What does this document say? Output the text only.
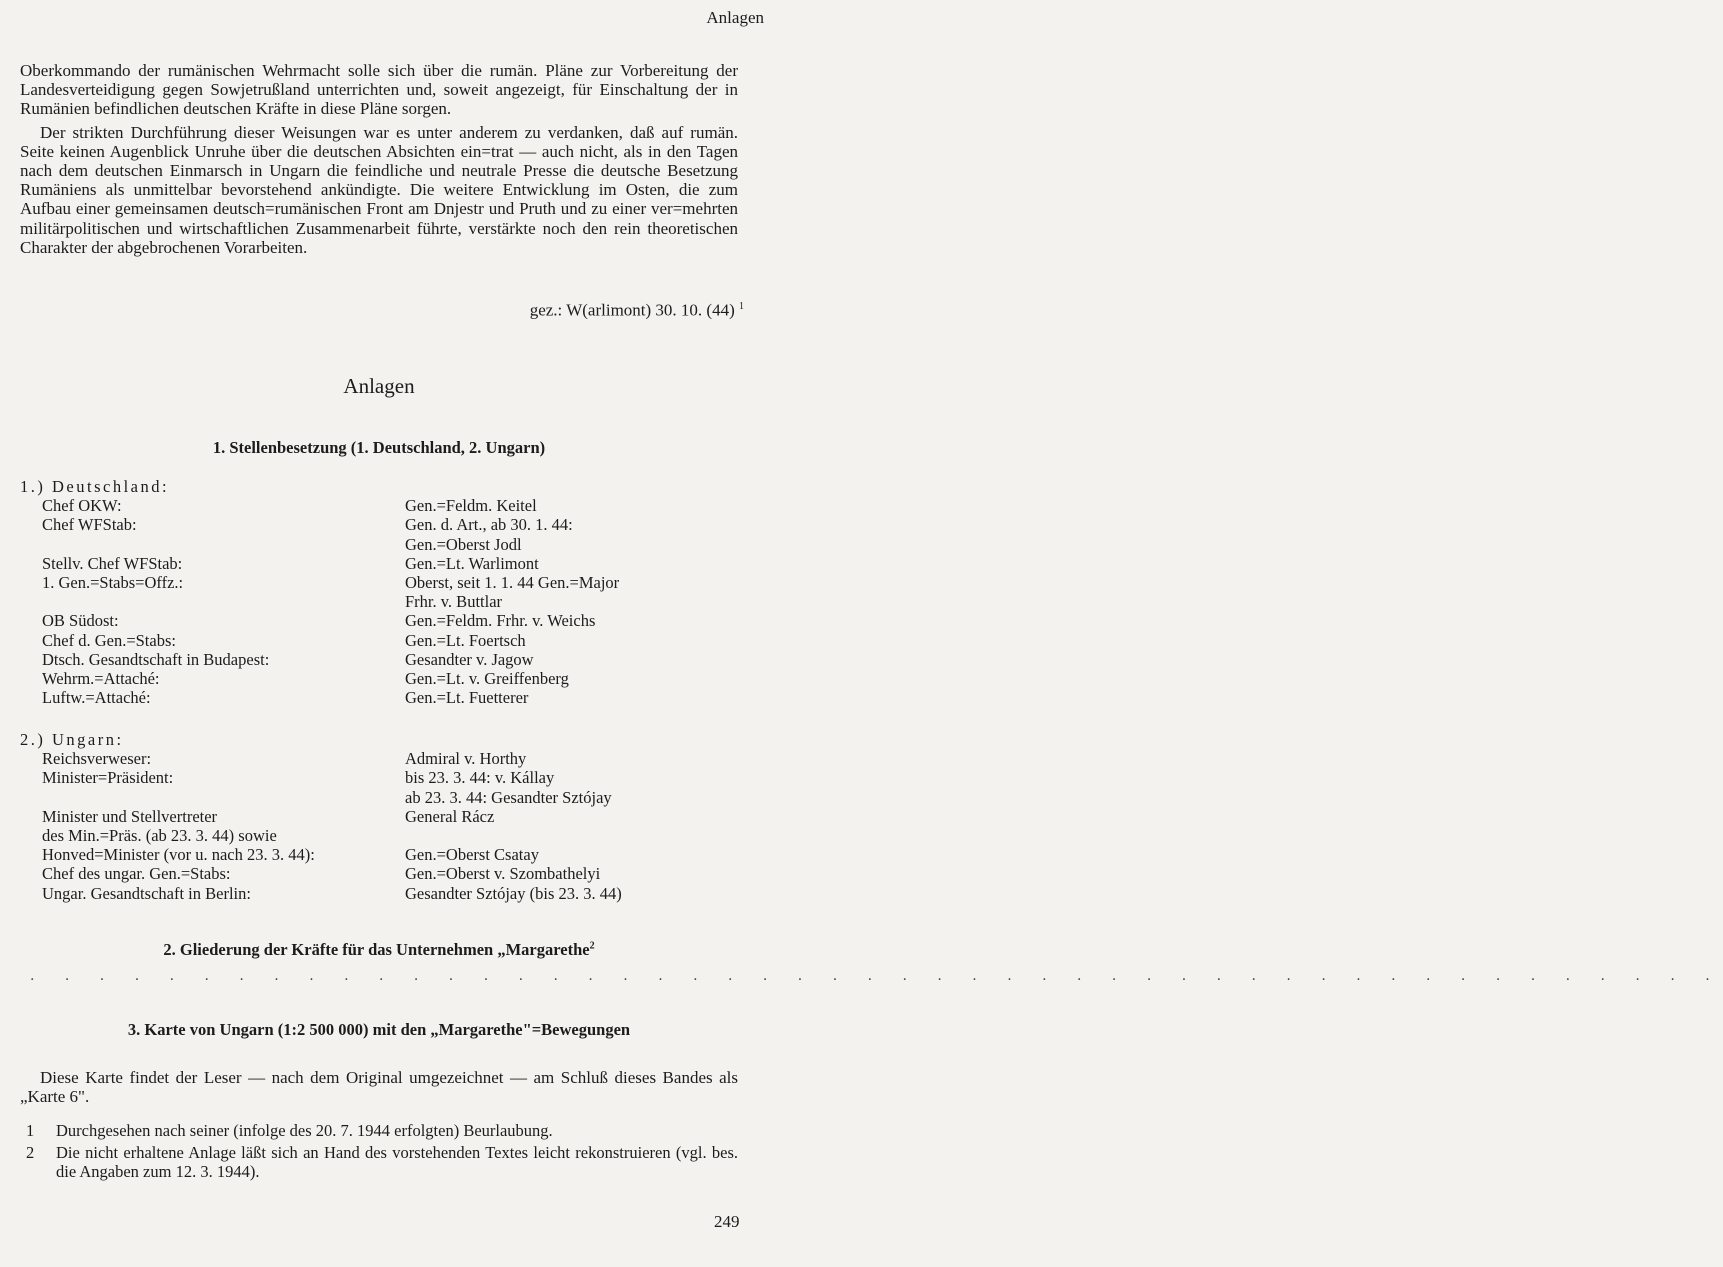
Anlagen

Oberkommando der rumänischen Wehrmacht solle sich über die rumän. Pläne zur Vorbereitung der Landesverteidigung gegen Sowjetrußland unterrichten und, soweit angezeigt, für Einschaltung der in Rumänien befindlichen deutschen Kräfte in diese Pläne sorgen.

Der strikten Durchführung dieser Weisungen war es unter anderem zu verdanken, daß auf rumän. Seite keinen Augenblick Unruhe über die deutschen Absichten ein=trat — auch nicht, als in den Tagen nach dem deutschen Einmarsch in Ungarn die feindliche und neutrale Presse die deutsche Besetzung Rumäniens als unmittelbar bevorstehend ankündigte. Die weitere Entwicklung im Osten, die zum Aufbau einer gemeinsamen deutsch=rumänischen Front am Dnjestr und Pruth und zu einer ver=mehrten militärpolitischen und wirtschaftlichen Zusammenarbeit führte, verstärkte noch den rein theoretischen Charakter der abgebrochenen Vorarbeiten.

gez.: W(arlimont) 30. 10. (44) $^1$
Anlagen
1. Stellenbesetzung (1. Deutschland, 2. Ungarn)
1.) Deutschland:
Chef OKW:	Gen.=Feldm. Keitel
Chef WFStab:	Gen. d. Art., ab 30. 1. 44:
Gen.=Oberst Jodl
Stellv. Chef WFStab:	Gen.=Lt. Warlimont
1. Gen.=Stabs=Offz.:	Oberst, seit 1. 1. 44 Gen.=Major
Frhr. v. Buttlar
OB Südost:	Gen.=Feldm. Frhr. v. Weichs
Chef d. Gen.=Stabs:	Gen.=Lt. Foertsch
Dtsch. Gesandtschaft in Budapest:	Gesandter v. Jagow
Wehrm.=Attaché:	Gen.=Lt. v. Greiffenberg
Luftw.=Attaché:	Gen.=Lt. Fuetterer
2.) Ungarn:
Reichsverweser:	Admiral v. Horthy
Minister=Präsident:	bis 23. 3. 44: v. Kállay
ab 23. 3. 44: Gesandter Sztójay
Minister und Stellvertreter	General Rácz
des Min.=Präs. (ab 23. 3. 44) sowie
Honved=Minister (vor u. nach 23. 3. 44):	Gen.=Oberst Csatay
Chef des ungar. Gen.=Stabs:	Gen.=Oberst v. Szombathelyi
Ungar. Gesandtschaft in Berlin:	Gesandter Sztójay (bis 23. 3. 44)
2. Gliederung der Kräfte für das Unternehmen „Margarethe$^2$
. . . . . . . . . . . . . . . . . . . . . . . . . . . . . . . . . . . . . . . . . . . . . . . . .
3. Karte von Ungarn (1:2 500 000) mit den „Margarethe"=Bewegungen
Diese Karte findet der Leser — nach dem Original umgezeichnet — am Schluß dieses Bandes als „Karte 6".
1	Durchgesehen nach seiner (infolge des 20. 7. 1944 erfolgten) Beurlaubung.
2	Die nicht erhaltene Anlage läßt sich an Hand des vorstehenden Textes leicht rekonstruieren (vgl. bes. die Angaben zum 12. 3. 1944).
249
